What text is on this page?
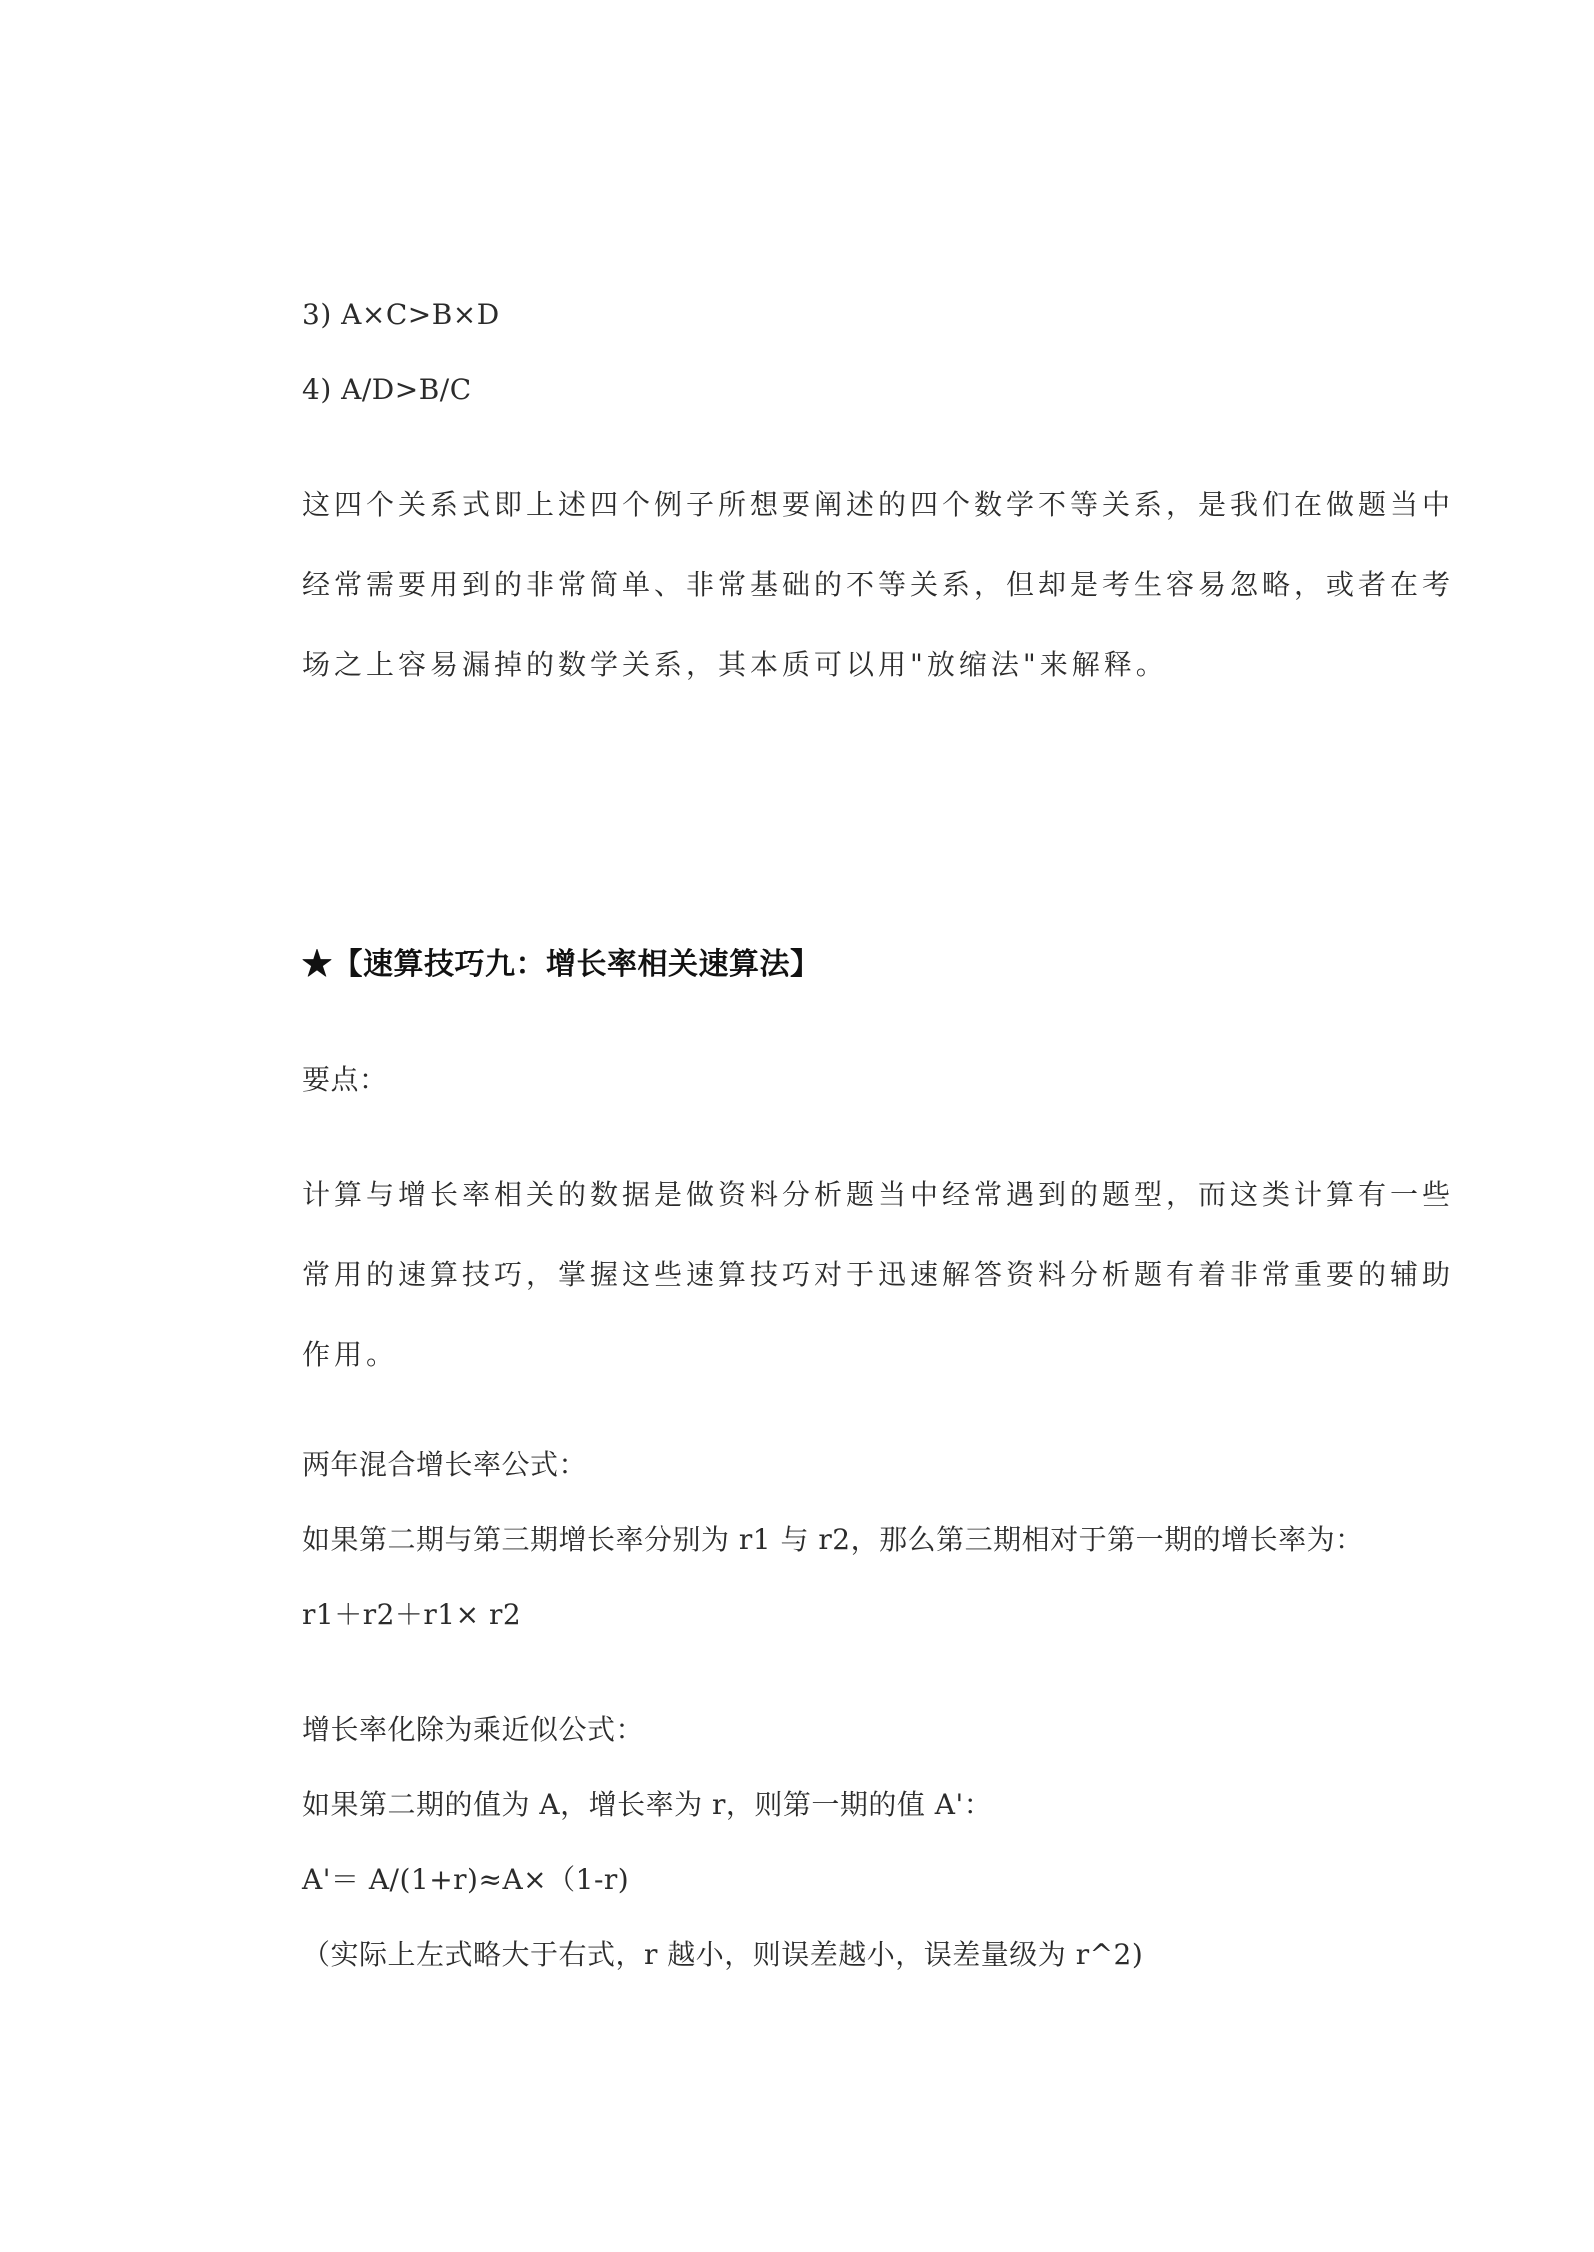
3) A×C>B×D
4) A/D>B/C
这四个关系式即上述四个例子所想要阐述的四个数学不等关系，是我们在做题当中
经常需要用到的非常简单、非常基础的不等关系，但却是考生容易忽略，或者在考
场之上容易漏掉的数学关系，其本质可以用"放缩法"来解释。
★【速算技巧九：增长率相关速算法】
要点：
计算与增长率相关的数据是做资料分析题当中经常遇到的题型，而这类计算有一些
常用的速算技巧，掌握这些速算技巧对于迅速解答资料分析题有着非常重要的辅助
作用。
两年混合增长率公式：
如果第二期与第三期增长率分别为 r1 与 r2，那么第三期相对于第一期的增长率为：
r1＋r2＋r1× r2
增长率化除为乘近似公式：
如果第二期的值为 A，增长率为 r，则第一期的值 A'：
A'＝ A/(1+r)≈A×（1-r)
（实际上左式略大于右式，r 越小，则误差越小，误差量级为 r^2)
